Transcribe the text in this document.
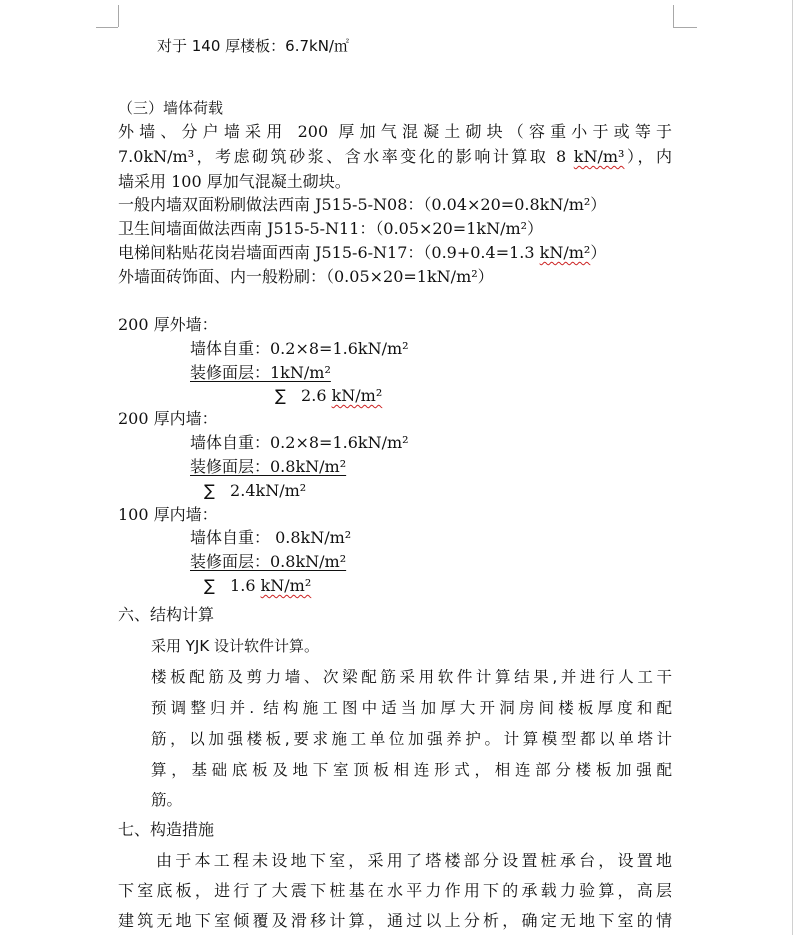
对于 140 厚楼板：6.7kN/㎡
（三）墙体荷载
外墙、分户墙采用 200 厚加气混凝土砌块（容重小于或等于
7.0kN/m³，考虑砌筑砂浆、含水率变化的影响计算取 8 kN/m³），内
墙采用 100 厚加气混凝土砌块。
一般内墙双面粉刷做法西南 J515-5-N08：（0.04×20=0.8kN/m²）
卫生间墙面做法西南 J515-5-N11：（0.05×20=1kN/m²）
电梯间粘贴花岗岩墙面西南 J515-6-N17：（0.9+0.4=1.3 kN/m²）
外墙面砖饰面、内一般粉刷：（0.05×20=1kN/m²）
200 厚外墙：
墙体自重：0.2×8=1.6kN/m²
装修面层：1kN/m²
∑ 2.6 kN/m²
200 厚内墙：
墙体自重：0.2×8=1.6kN/m²
装修面层：0.8kN/m²
∑ 2.4kN/m²
100 厚内墙：
墙体自重： 0.8kN/m²
装修面层：0.8kN/m²
∑ 1.6 kN/m²
六、结构计算
采用 YJK 设计软件计算。
楼板配筋及剪力墙、次梁配筋采用软件计算结果,并进行人工干
预调整归并. 结构施工图中适当加厚大开洞房间楼板厚度和配
筋，以加强楼板,要求施工单位加强养护。计算模型都以单塔计
算，基础底板及地下室顶板相连形式，相连部分楼板加强配
筋。
七、构造措施
由于本工程未设地下室，采用了塔楼部分设置桩承台，设置地
下室底板，进行了大震下桩基在水平力作用下的承载力验算，高层
建筑无地下室倾覆及滑移计算，通过以上分析，确定无地下室的情
